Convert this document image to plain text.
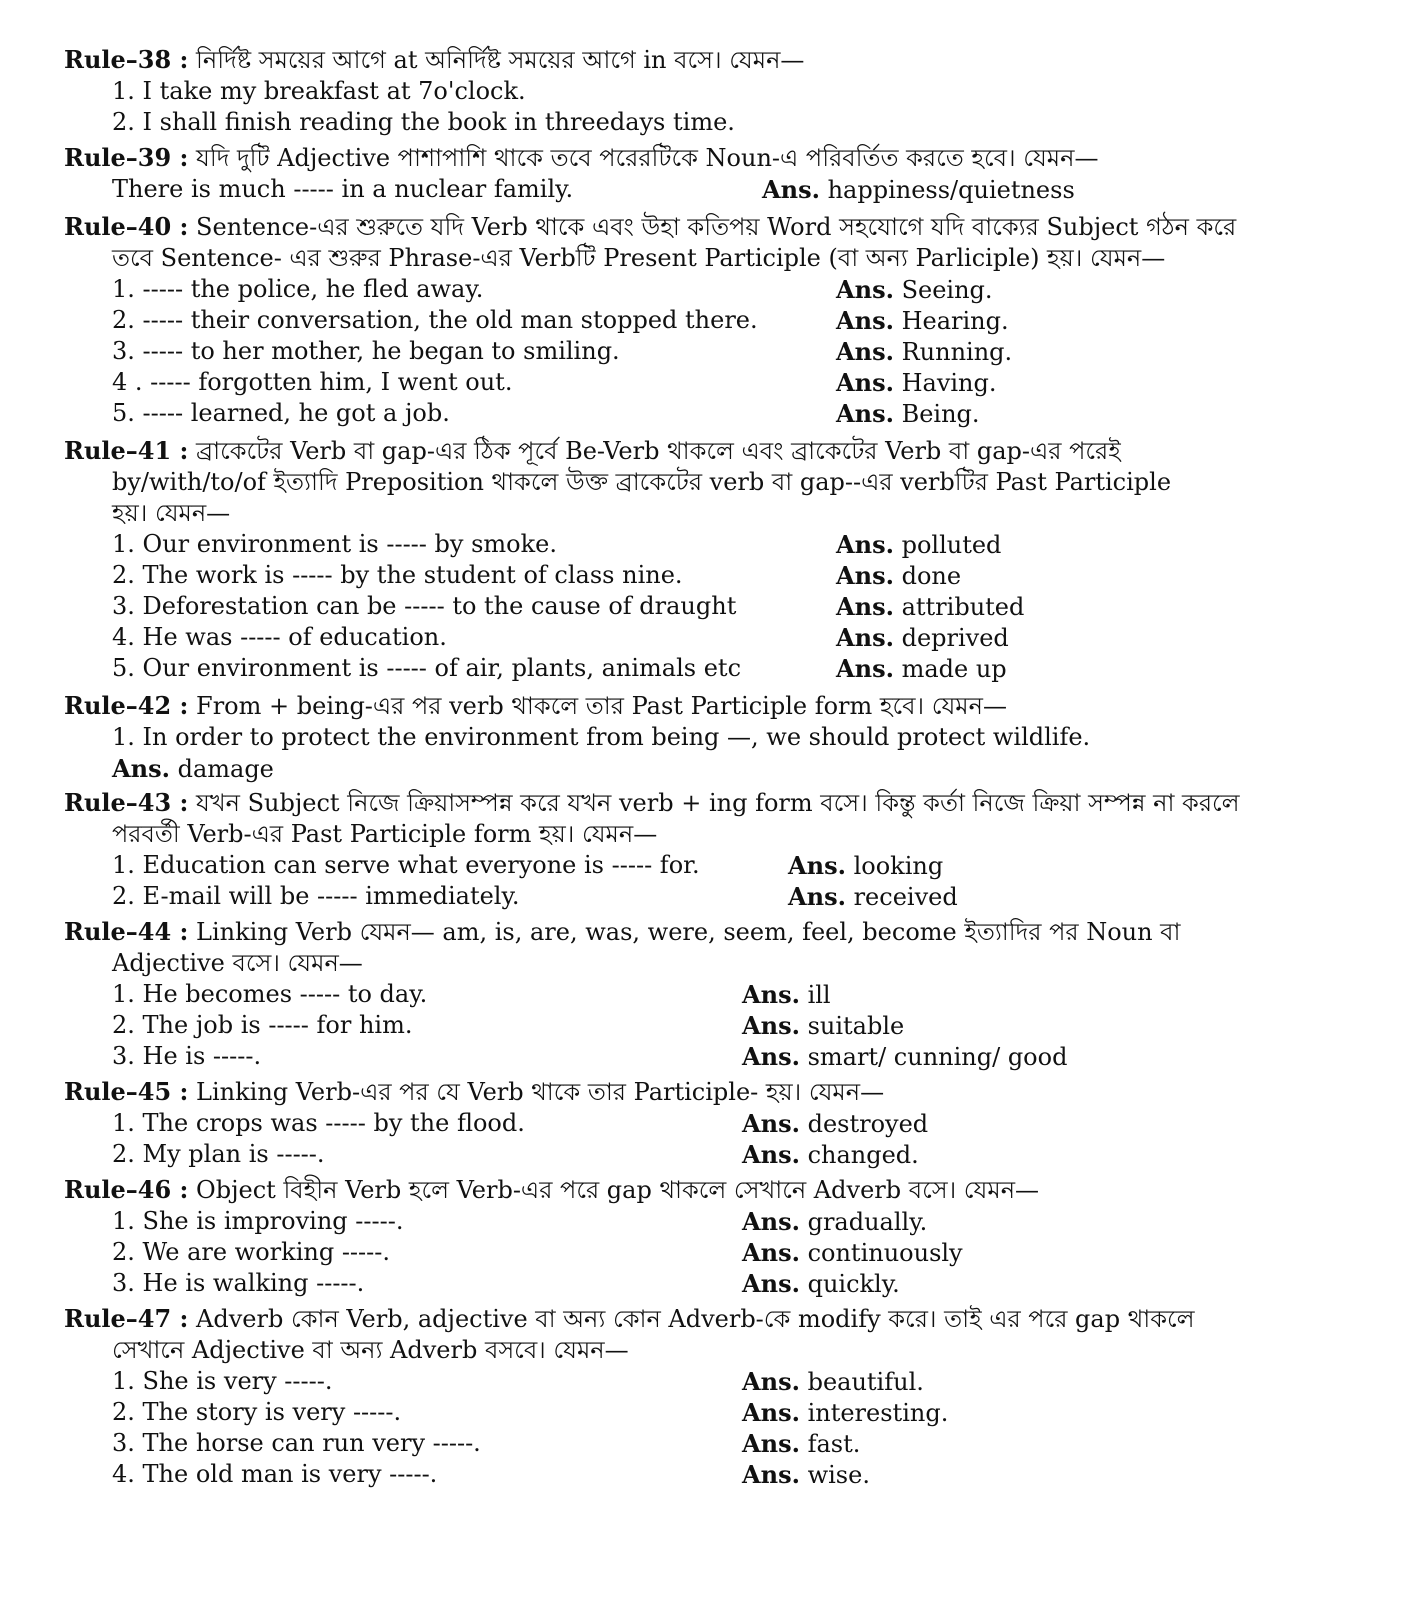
Rule–38 : নির্দিষ্ট সময়ের আগে at অনির্দিষ্ট সময়ের আগে in বসে। যেমন—
1. I take my breakfast at 7o'clock.
2. I shall finish reading the book in threedays time.
Rule–39 : যদি দুটি Adjective পাশাপাশি থাকে তবে পরেরটিকে Noun-এ পরিবর্তিত করতে হবে। যেমন—
There is much ----- in a nuclear family.	Ans. happiness/quietness
Rule–40 : Sentence-এর শুরুতে যদি Verb থাকে এবং উহা কতিপয় Word সহযোগে যদি বাক্যের Subject গঠন করে
তবে Sentence- এর শুরুর Phrase-এর Verbটি Present Participle (বা অন্য Parliciple) হয়। যেমন—
1. ----- the police, he fled away.	Ans. Seeing.
2. ----- their conversation, the old man stopped there.	Ans. Hearing.
3. ----- to her mother, he began to smiling.	Ans. Running.
4 . ----- forgotten him, I went out.	Ans. Having.
5. ----- learned, he got a job.	Ans. Being.
Rule–41 : ব্রাকেটের Verb বা gap-এর ঠিক পূর্বে Be-Verb থাকলে এবং ব্রাকেটের Verb বা gap-এর পরেই
by/with/to/of ইত্যাদি Preposition থাকলে উক্ত ব্রাকেটের verb বা gap--এর verbটির Past Participle
হয়। যেমন—
1. Our environment is ----- by smoke.	Ans. polluted
2. The work is ----- by the student of class nine.	Ans. done
3. Deforestation can be ----- to the cause of draught	Ans. attributed
4. He was ----- of education.	Ans. deprived
5. Our environment is ----- of air, plants, animals etc	Ans. made up
Rule–42 : From + being-এর পর verb থাকলে তার Past Participle form হবে। যেমন—
1. In order to protect the environment from being —, we should protect wildlife.
Ans. damage
Rule–43 : যখন Subject নিজে ক্রিয়াসম্পন্ন করে যখন verb + ing form বসে। কিন্তু কর্তা নিজে ক্রিয়া সম্পন্ন না করলে
পরবর্তী Verb-এর Past Participle form হয়। যেমন—
1. Education can serve what everyone is ----- for.	Ans. looking
2. E-mail will be ----- immediately.	Ans. received
Rule–44 : Linking Verb যেমন— am, is, are, was, were, seem, feel, become ইত্যাদির পর Noun বা
Adjective বসে। যেমন—
1. He becomes ----- to day.	Ans. ill
2. The job is ----- for him.	Ans. suitable
3. He is -----.	Ans. smart/ cunning/ good
Rule–45 : Linking Verb-এর পর যে Verb থাকে তার Participle- হয়। যেমন—
1. The crops was ----- by the flood.	Ans. destroyed
2. My plan is -----.	Ans. changed.
Rule–46 : Object বিহীন Verb হলে Verb-এর পরে gap থাকলে সেখানে Adverb বসে। যেমন—
1. She is improving -----.	Ans. gradually.
2. We are working -----.	Ans. continuously
3. He is walking -----.	Ans. quickly.
Rule–47 : Adverb কোন Verb, adjective বা অন্য কোন Adverb-কে modify করে। তাই এর পরে gap থাকলে
সেখানে Adjective বা অন্য Adverb বসবে। যেমন—
1. She is very -----.	Ans. beautiful.
2. The story is very -----.	Ans. interesting.
3. The horse can run very -----.	Ans. fast.
4. The old man is very -----.	Ans. wise.
